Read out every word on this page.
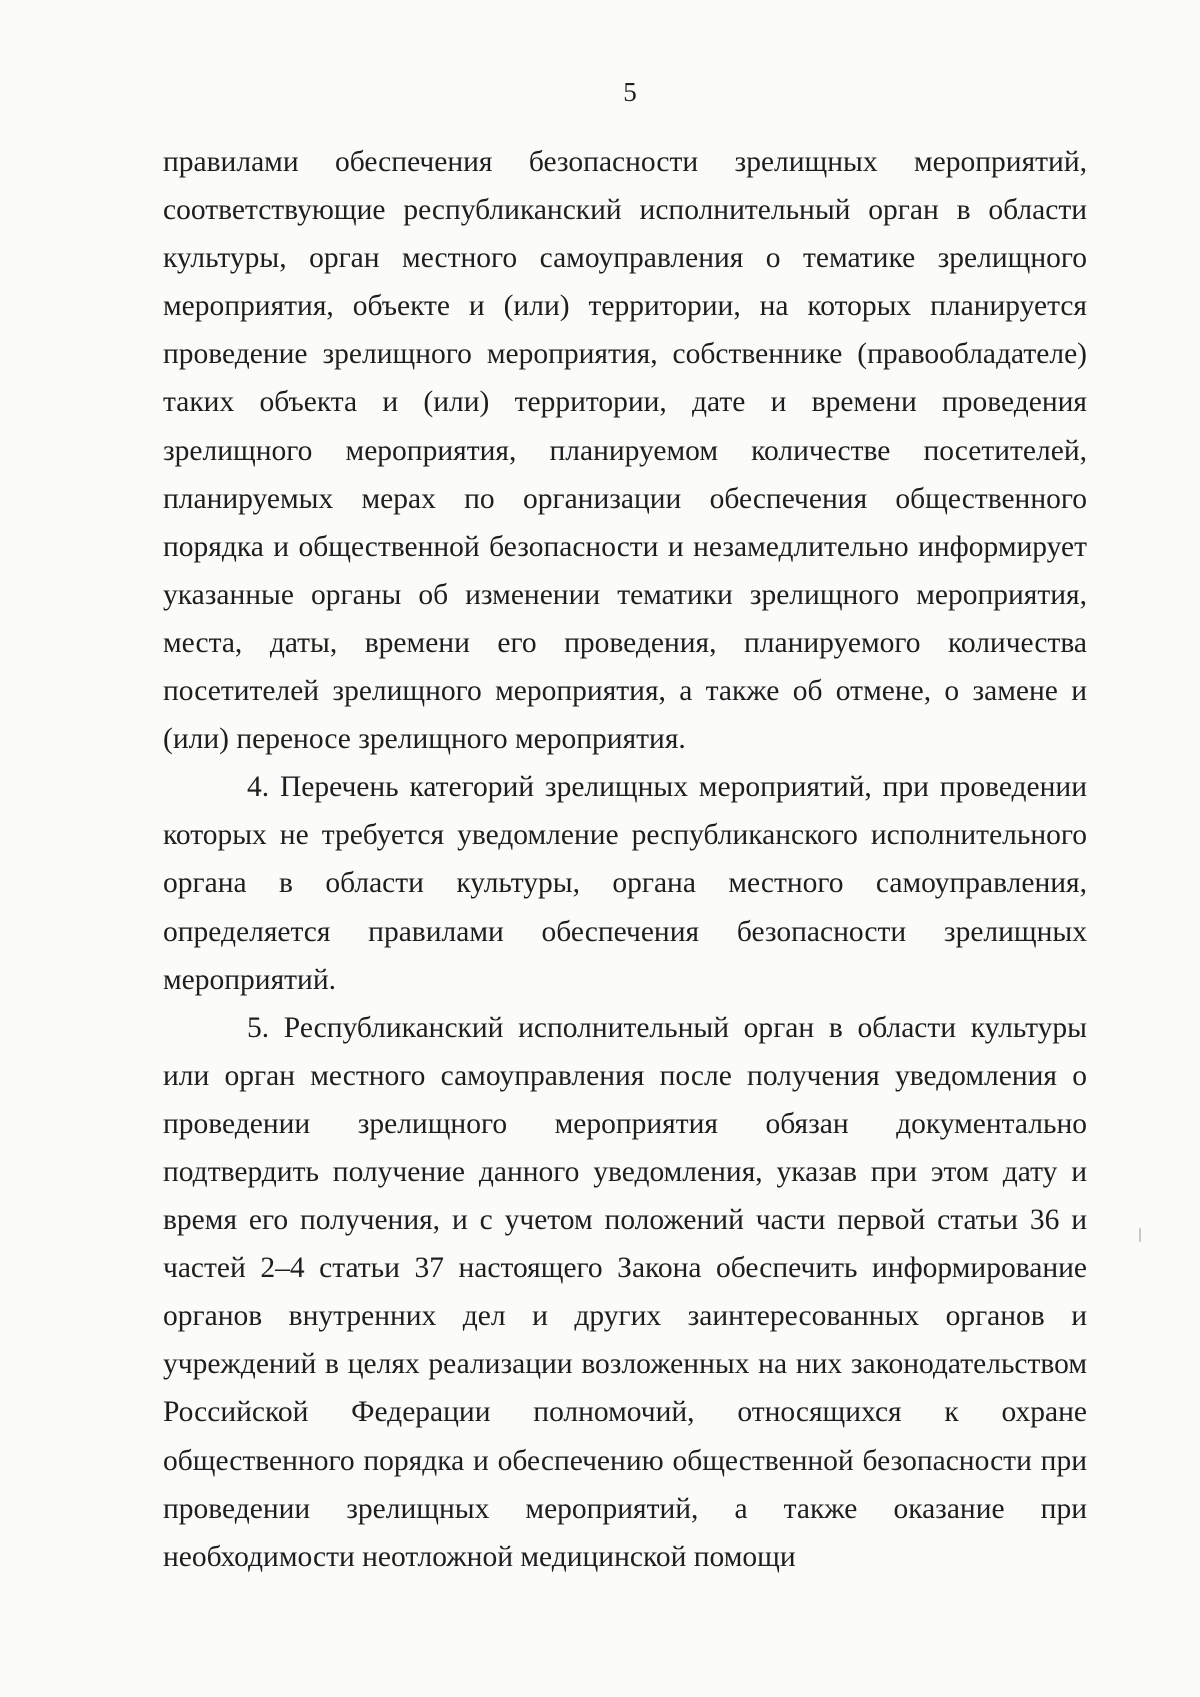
5

правилами обеспечения безопасности зрелищных мероприятий, соответствующие республиканский исполнительный орган в области культуры, орган местного самоуправления о тематике зрелищного мероприятия, объекте и (или) территории, на которых планируется проведение зрелищного мероприятия, собственнике (правообладателе) таких объекта и (или) территории, дате и времени проведения зрелищного мероприятия, планируемом количестве посетителей, планируемых мерах по организации обеспечения общественного порядка и общественной безопасности и незамедлительно информирует указанные органы об изменении тематики зрелищного мероприятия, места, даты, времени его проведения, планируемого количества посетителей зрелищного мероприятия, а также об отмене, о замене и (или) переносе зрелищного мероприятия.

4. Перечень категорий зрелищных мероприятий, при проведении которых не требуется уведомление республиканского исполнительного органа в области культуры, органа местного самоуправления, определяется правилами обеспечения безопасности зрелищных мероприятий.

5. Республиканский исполнительный орган в области культуры или орган местного самоуправления после получения уведомления о проведении зрелищного мероприятия обязан документально подтвердить получение данного уведомления, указав при этом дату и время его получения, и с учетом положений части первой статьи 36 и частей 2–4 статьи 37 настоящего Закона обеспечить информирование органов внутренних дел и других заинтересованных органов и учреждений в целях реализации возложенных на них законодательством Российской Федерации полномочий, относящихся к охране общественного порядка и обеспечению общественной безопасности при проведении зрелищных мероприятий, а также оказание при необходимости неотложной медицинской помощи
